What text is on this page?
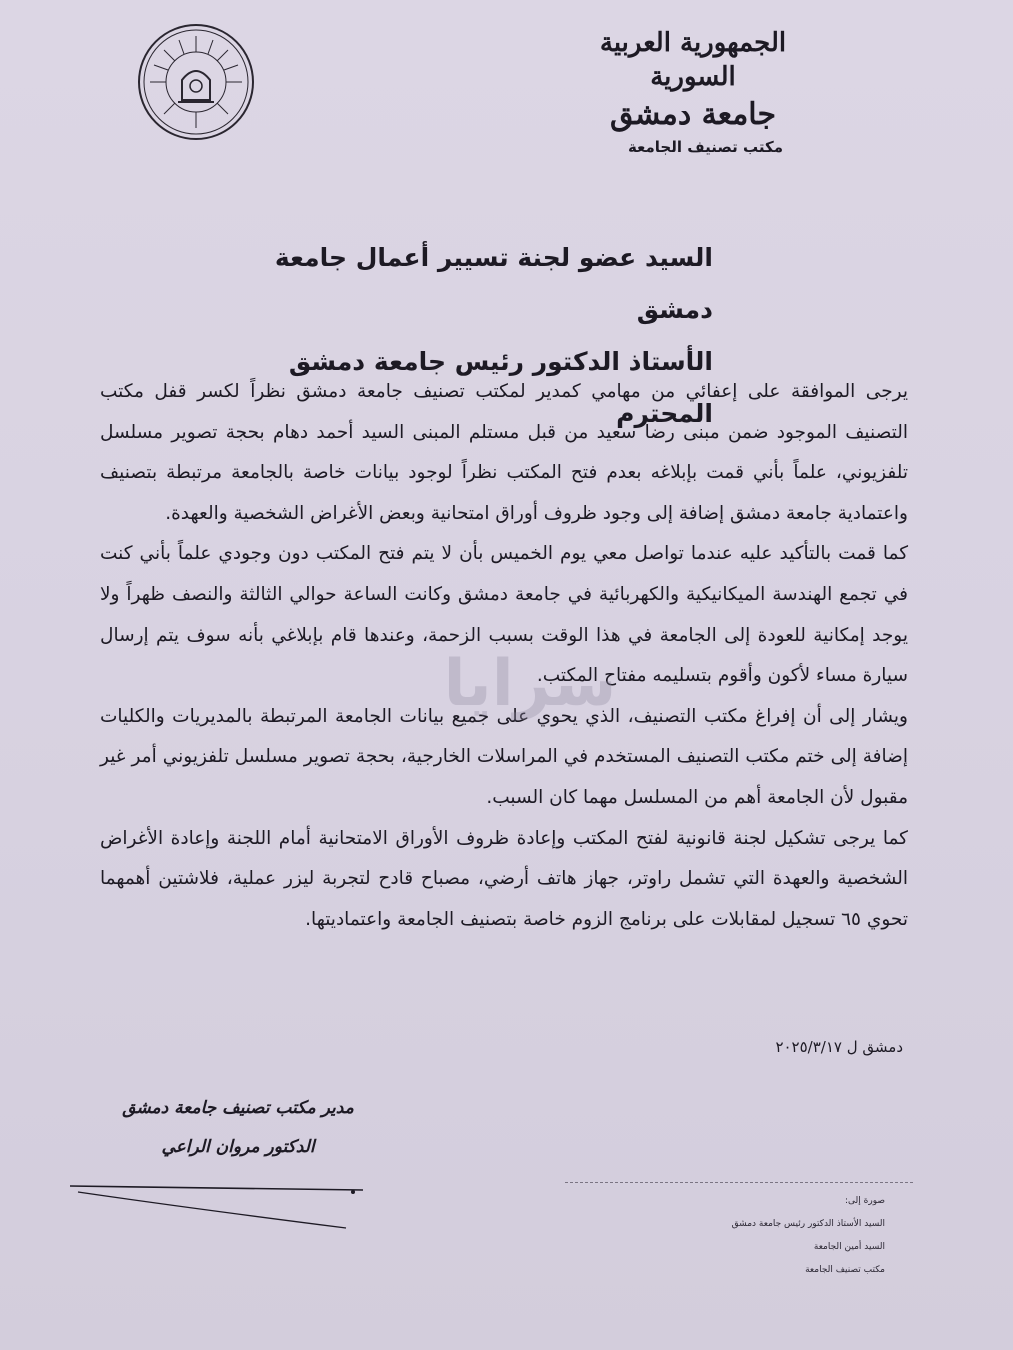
الجمهورية العربية السورية
جامعة دمشق
مكتب تصنيف الجامعة
السيد عضو لجنة تسيير أعمال جامعة دمشق
الأستاذ الدكتور رئيس جامعة دمشق المحترم

يرجى الموافقة على إعفائي من مهامي كمدير لمكتب تصنيف جامعة دمشق نظراً لكسر قفل مكتب التصنيف الموجود ضمن مبنى رضا سعيد من قبل مستلم المبنى السيد أحمد دهام بحجة تصوير مسلسل تلفزيوني، علماً بأني قمت بإبلاغه بعدم فتح المكتب نظراً لوجود بيانات خاصة بالجامعة مرتبطة بتصنيف واعتمادية جامعة دمشق إضافة إلى وجود ظروف أوراق امتحانية وبعض الأغراض الشخصية والعهدة.

كما قمت بالتأكيد عليه عندما تواصل معي يوم الخميس بأن لا يتم فتح المكتب دون وجودي علماً بأني كنت في تجمع الهندسة الميكانيكية والكهربائية في جامعة دمشق وكانت الساعة حوالي الثالثة والنصف ظهراً ولا يوجد إمكانية للعودة إلى الجامعة في هذا الوقت بسبب الزحمة، وعندها قام بإبلاغي بأنه سوف يتم إرسال سيارة مساء لأكون وأقوم بتسليمه مفتاح المكتب.

ويشار إلى أن إفراغ مكتب التصنيف، الذي يحوي على جميع بيانات الجامعة المرتبطة بالمديريات والكليات إضافة إلى ختم مكتب التصنيف المستخدم في المراسلات الخارجية، بحجة تصوير مسلسل تلفزيوني أمر غير مقبول لأن الجامعة أهم من المسلسل مهما كان السبب.

كما يرجى تشكيل لجنة قانونية لفتح المكتب وإعادة ظروف الأوراق الامتحانية أمام اللجنة وإعادة الأغراض الشخصية والعهدة التي تشمل راوتر، جهاز هاتف أرضي، مصباح قادح لتجربة ليزر عملية، فلاشتين أهمهما تحوي ٦٥ تسجيل لمقابلات على برنامج الزوم خاصة بتصنيف الجامعة واعتماديتها.

سرايا
دمشق ل ٢٠٢٥/٣/١٧
مدير مكتب تصنيف جامعة دمشق
الدكتور مروان الراعي
صورة إلى:
السيد الأستاذ الدكتور رئيس جامعة دمشق
السيد أمين الجامعة
مكتب تصنيف الجامعة
